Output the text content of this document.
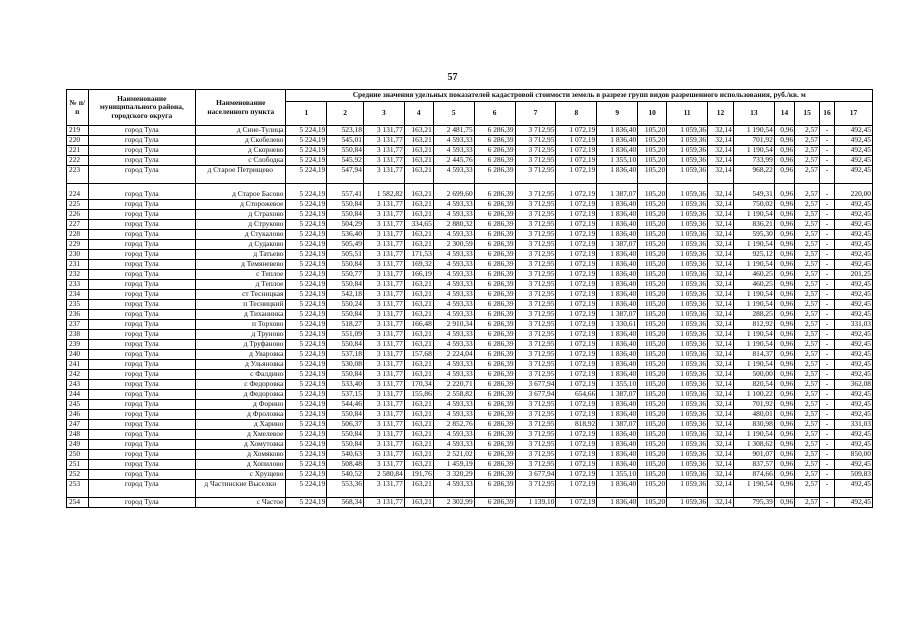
57
№ п/п	Наименование муниципального района, городского округа	Наименование населенного пункта	Средние значения удельных показателей кадастровой стоимости земель в разрезе групп видов разрешенного использования, руб./кв. м																
			1	2	3	4	5	6	7	8	9	10	11	12	13	14	15	16	17
219	город Тула	д Сине-Тулица	5 224,19	523,18	3 131,77	163,21	2 481,75	6 286,39	3 712,95	1 072,19	1 836,40	105,20	1 059,36	32,14	1 190,54	0,96	2,57	-	492,45
220	город Тула	д Скобелево	5 224,19	545,01	3 131,77	163,21	4 593,33	6 286,39	3 712,95	1 072,19	1 836,40	105,20	1 059,36	32,14	701,92	0,96	2,57	-	492,45
221	город Тула	д Скорнево	5 224,19	550,84	3 131,77	163,21	4 593,33	6 286,39	3 712,95	1 072,19	1 836,40	105,20	1 059,36	32,14	1 190,54	0,96	2,57	-	492,45
222	город Тула	с Слободка	5 224,19	545,92	3 131,77	163,21	2 445,76	6 286,39	3 712,95	1 072,19	1 355,10	105,20	1 059,36	32,14	733,99	0,96	2,57	-	492,45
223	город Тула	д Старое Петрищево	5 224,19	547,94	3 131,77	163,21	4 593,33	6 286,39	3 712,95	1 072,19	1 836,40	105,20	1 059,36	32,14	968,22	0,96	2,57	-	492,45
224	город Тула	д Старое Басово	5 224,19	557,41	1 582,82	163,21	2 699,60	6 286,39	3 712,95	1 072,19	1 387,07	105,20	1 059,36	32,14	549,31	0,96	2,57	-	220,00
225	город Тула	д Сторожевое	5 224,19	550,84	3 131,77	163,21	4 593,33	6 286,39	3 712,95	1 072,19	1 836,40	105,20	1 059,36	32,14	750,02	0,96	2,57	-	492,45
226	город Тула	д Страхово	5 224,19	550,84	3 131,77	163,21	4 593,33	6 286,39	3 712,95	1 072,19	1 836,40	105,20	1 059,36	32,14	1 190,54	0,96	2,57	-	492,45
227	город Тула	д Струково	5 224,19	504,29	3 131,77	334,65	2 880,32	6 286,39	3 712,95	1 072,19	1 836,40	105,20	1 059,36	32,14	836,21	0,96	2,57	-	492,45
228	город Тула	д Стукалово	5 224,19	536,40	3 131,77	163,21	4 593,33	6 286,39	3 712,95	1 072,19	1 836,40	105,20	1 059,36	32,14	595,30	0,96	2,57	-	492,45
229	город Тула	д Судаково	5 224,19	505,49	3 131,77	163,21	2 300,59	6 286,39	3 712,95	1 072,19	1 387,07	105,20	1 059,36	32,14	1 190,54	0,96	2,57	-	492,45
230	город Тула	д Татьево	5 224,19	505,51	3 131,77	171,53	4 593,33	6 286,39	3 712,95	1 072,19	1 836,40	105,20	1 059,36	32,14	925,12	0,96	2,57	-	492,45
231	город Тула	д Темяневево	5 224,19	550,84	3 131,77	169,32	4 593,33	6 286,39	3 712,95	1 072,19	1 836,40	105,20	1 059,36	32,14	1 190,54	0,96	2,57	-	492,45
232	город Тула	с Теплое	5 224,19	550,77	3 131,77	166,19	4 593,33	6 286,39	3 712,95	1 072,19	1 836,40	105,20	1 059,36	32,14	460,25	0,96	2,57	-	201,25
233	город Тула	д Теплое	5 224,19	550,84	3 131,77	163,21	4 593,33	6 286,39	3 712,95	1 072,19	1 836,40	105,20	1 059,36	32,14	460,25	0,96	2,57	-	492,45
234	город Тула	ст Тесницкая	5 224,19	542,18	3 131,77	163,21	4 593,33	6 286,39	3 712,95	1 072,19	1 836,40	105,20	1 059,36	32,14	1 190,54	0,96	2,57	-	492,45
235	город Тула	п Тесницкий	5 224,19	550,24	3 131,77	163,21	4 593,33	6 286,39	3 712,95	1 072,19	1 836,40	105,20	1 059,36	32,14	1 190,54	0,96	2,57	-	492,45
236	город Тула	д Тиханинка	5 224,19	550,84	3 131,77	163,21	4 593,33	6 286,39	3 712,95	1 072,19	1 387,07	105,20	1 059,36	32,14	288,25	0,96	2,57	-	492,45
237	город Тула	п Торхово	5 224,19	518,27	3 131,77	166,48	2 910,34	6 286,39	3 712,95	1 072,19	1 330,61	105,20	1 059,36	32,14	812,92	0,96	2,57	-	331,03
238	город Тула	д Труново	5 224,19	551,09	3 131,77	163,21	4 593,33	6 286,39	3 712,95	1 072,19	1 836,40	105,20	1 059,36	32,14	1 190,54	0,96	2,57	-	492,45
239	город Тула	д Труфаново	5 224,19	550,84	3 131,77	163,21	4 593,33	6 286,39	3 712,95	1 072,19	1 836,40	105,20	1 059,36	32,14	1 190,54	0,96	2,57	-	492,45
240	город Тула	д Уваровка	5 224,19	537,18	3 131,77	157,68	2 224,04	6 286,39	3 712,95	1 072,19	1 836,40	105,20	1 059,36	32,14	814,37	0,96	2,57	-	492,45
241	город Тула	д Ульяновка	5 224,19	530,08	3 131,77	163,21	4 593,33	6 286,39	3 712,95	1 072,19	1 836,40	105,20	1 059,36	32,14	1 190,54	0,96	2,57	-	492,45
242	город Тула	с Фалдино	5 224,19	550,84	3 131,77	163,21	4 593,33	6 286,39	3 712,95	1 072,19	1 836,40	105,20	1 059,36	32,14	500,00	0,96	2,57	-	492,45
243	город Тула	с Федоровка	5 224,19	533,40	3 131,77	170,34	2 220,71	6 286,39	3 677,94	1 072,19	1 355,10	105,20	1 059,36	32,14	820,54	0,96	2,57	-	362,08
244	город Тула	д Федоровка	5 224,19	537,15	3 131,77	155,86	2 558,82	6 286,39	3 677,94	654,66	1 387,07	105,20	1 059,36	32,14	1 100,22	0,96	2,57	-	492,45
245	город Тула	д Форино	5 224,19	544,46	3 131,77	163,21	4 593,33	6 286,39	3 712,95	1 072,19	1 836,40	105,20	1 059,36	32,14	701,92	0,96	2,57	-	492,45
246	город Тула	д Фроловка	5 224,19	550,84	3 131,77	163,21	4 593,33	6 286,39	3 712,95	1 072,19	1 836,40	105,20	1 059,36	32,14	480,01	0,96	2,57	-	492,45
247	город Тула	д Харино	5 224,19	506,37	3 131,77	163,21	2 852,76	6 286,39	3 712,95	818,92	1 387,07	105,20	1 059,36	32,14	830,98	0,96	2,57	-	331,03
248	город Тула	д Хмелевое	5 224,19	550,84	3 131,77	163,21	4 593,33	6 286,39	3 712,95	1 072,19	1 836,40	105,20	1 059,36	32,14	1 190,54	0,96	2,57	-	492,45
249	город Тула	д Хомутовка	5 224,19	550,84	3 131,77	163,21	4 593,33	6 286,39	3 712,95	1 072,19	1 836,40	105,20	1 059,36	32,14	1 308,62	0,96	2,57	-	492,45
250	город Тула	д Хомяково	5 224,19	540,63	3 131,77	163,21	2 521,02	6 286,39	3 712,95	1 072,19	1 836,40	105,20	1 059,36	32,14	901,07	0,96	2,57	-	850,00
251	город Тула	д Хопилово	5 224,19	508,48	3 131,77	163,21	1 459,19	6 286,39	3 712,95	1 072,19	1 836,40	105,20	1 059,36	32,14	837,57	0,96	2,57	-	492,45
252	город Тула	с Хрущево	5 224,19	540,52	2 580,84	191,76	3 320,29	6 286,39	3 677,94	1 072,19	1 355,10	105,20	1 059,36	32,14	874,66	0,96	2,57	-	509,83
253	город Тула	д Частинские Выселки	5 224,19	553,36	3 131,77	163,21	4 593,33	6 286,39	3 712,95	1 072,19	1 836,40	105,20	1 059,36	32,14	1 190,54	0,96	2,57	-	492,45
254	город Тула	с Частое	5 224,19	568,34	3 131,77	163,21	2 302,99	6 286,39	1 139,10	1 072,19	1 836,40	105,20	1 059,36	32,14	795,39	0,96	2,57	-	492,45
